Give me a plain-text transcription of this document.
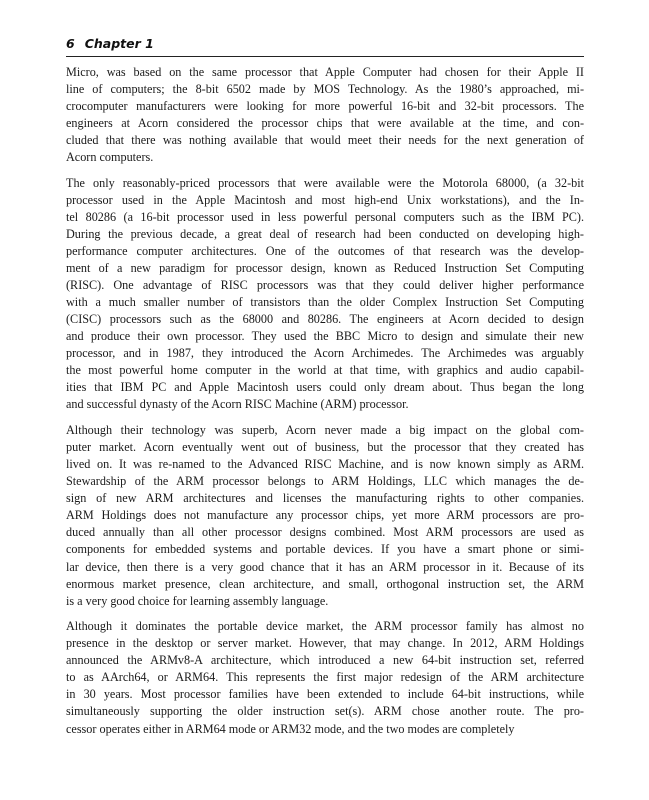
6 Chapter 1
Micro, was based on the same processor that Apple Computer had chosen for their Apple II
line of computers; the 8-bit 6502 made by MOS Technology. As the 1980’s approached, mi-
crocomputer manufacturers were looking for more powerful 16-bit and 32-bit processors. The
engineers at Acorn considered the processor chips that were available at the time, and con-
cluded that there was nothing available that would meet their needs for the next generation of
Acorn computers.
The only reasonably-priced processors that were available were the Motorola 68000, (a 32-bit
processor used in the Apple Macintosh and most high-end Unix workstations), and the In-
tel 80286 (a 16-bit processor used in less powerful personal computers such as the IBM PC).
During the previous decade, a great deal of research had been conducted on developing high-
performance computer architectures. One of the outcomes of that research was the develop-
ment of a new paradigm for processor design, known as Reduced Instruction Set Computing
(RISC). One advantage of RISC processors was that they could deliver higher performance
with a much smaller number of transistors than the older Complex Instruction Set Computing
(CISC) processors such as the 68000 and 80286. The engineers at Acorn decided to design
and produce their own processor. They used the BBC Micro to design and simulate their new
processor, and in 1987, they introduced the Acorn Archimedes. The Archimedes was arguably
the most powerful home computer in the world at that time, with graphics and audio capabil-
ities that IBM PC and Apple Macintosh users could only dream about. Thus began the long
and successful dynasty of the Acorn RISC Machine (ARM) processor.
Although their technology was superb, Acorn never made a big impact on the global com-
puter market. Acorn eventually went out of business, but the processor that they created has
lived on. It was re-named to the Advanced RISC Machine, and is now known simply as ARM.
Stewardship of the ARM processor belongs to ARM Holdings, LLC which manages the de-
sign of new ARM architectures and licenses the manufacturing rights to other companies.
ARM Holdings does not manufacture any processor chips, yet more ARM processors are pro-
duced annually than all other processor designs combined. Most ARM processors are used as
components for embedded systems and portable devices. If you have a smart phone or simi-
lar device, then there is a very good chance that it has an ARM processor in it. Because of its
enormous market presence, clean architecture, and small, orthogonal instruction set, the ARM
is a very good choice for learning assembly language.
Although it dominates the portable device market, the ARM processor family has almost no
presence in the desktop or server market. However, that may change. In 2012, ARM Holdings
announced the ARMv8-A architecture, which introduced a new 64-bit instruction set, referred
to as AArch64, or ARM64. This represents the first major redesign of the ARM architecture
in 30 years. Most processor families have been extended to include 64-bit instructions, while
simultaneously supporting the older instruction set(s). ARM chose another route. The pro-
cessor operates either in ARM64 mode or ARM32 mode, and the two modes are completely
